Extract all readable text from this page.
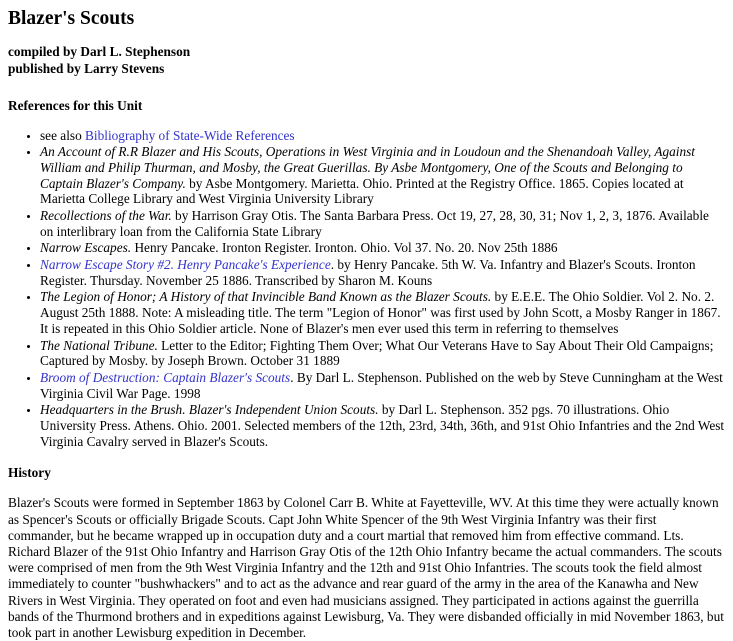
Blazer's Scouts
compiled by Darl L. Stephenson
published by Larry Stevens
References for this Unit
• see also Bibliography of State-Wide References
• An Account of R.R Blazer and His Scouts, Operations in West Virginia and in Loudoun and the Shenandoah Valley, Against William and Philip Thurman, and Mosby, the Great Guerillas. By Asbe Montgomery, One of the Scouts and Belonging to Captain Blazer's Company. by Asbe Montgomery. Marietta. Ohio. Printed at the Registry Office. 1865. Copies located at Marietta College Library and West Virginia University Library
• Recollections of the War. by Harrison Gray Otis. The Santa Barbara Press. Oct 19, 27, 28, 30, 31; Nov 1, 2, 3, 1876. Available on interlibrary loan from the California State Library
• Narrow Escapes. Henry Pancake. Ironton Register. Ironton. Ohio. Vol 37. No. 20. Nov 25th 1886
• Narrow Escape Story #2. Henry Pancake's Experience. by Henry Pancake. 5th W. Va. Infantry and Blazer's Scouts. Ironton Register. Thursday. November 25 1886. Transcribed by Sharon M. Kouns
• The Legion of Honor; A History of that Invincible Band Known as the Blazer Scouts. by E.E.E. The Ohio Soldier. Vol 2. No. 2. August 25th 1888. Note: A misleading title. The term "Legion of Honor" was first used by John Scott, a Mosby Ranger in 1867. It is repeated in this Ohio Soldier article. None of Blazer's men ever used this term in referring to themselves
• The National Tribune. Letter to the Editor; Fighting Them Over; What Our Veterans Have to Say About Their Old Campaigns; Captured by Mosby. by Joseph Brown. October 31 1889
• Broom of Destruction: Captain Blazer's Scouts. By Darl L. Stephenson. Published on the web by Steve Cunningham at the West Virginia Civil War Page. 1998
• Headquarters in the Brush. Blazer's Independent Union Scouts. by Darl L. Stephenson. 352 pgs. 70 illustrations. Ohio University Press. Athens. Ohio. 2001. Selected members of the 12th, 23rd, 34th, 36th, and 91st Ohio Infantries and the 2nd West Virginia Cavalry served in Blazer's Scouts.
History

Blazer's Scouts were formed in September 1863 by Colonel Carr B. White at Fayetteville, WV. At this time they were actually known as Spencer's Scouts or officially Brigade Scouts. Capt John White Spencer of the 9th West Virginia Infantry was their first commander, but he became wrapped up in occupation duty and a court martial that removed him from effective command. Lts. Richard Blazer of the 91st Ohio Infantry and Harrison Gray Otis of the 12th Ohio Infantry became the actual commanders. The scouts were comprised of men from the 9th West Virginia Infantry and the 12th and 91st Ohio Infantries. The scouts took the field almost immediately to counter "bushwhackers" and to act as the advance and rear guard of the army in the area of the Kanawha and New Rivers in West Virginia. They operated on foot and even had musicians assigned. They participated in actions against the guerrilla bands of the Thurmond brothers and in expeditions against Lewisburg, Va. They were disbanded officially in mid November 1863, but took part in another Lewisburg expedition in December.
